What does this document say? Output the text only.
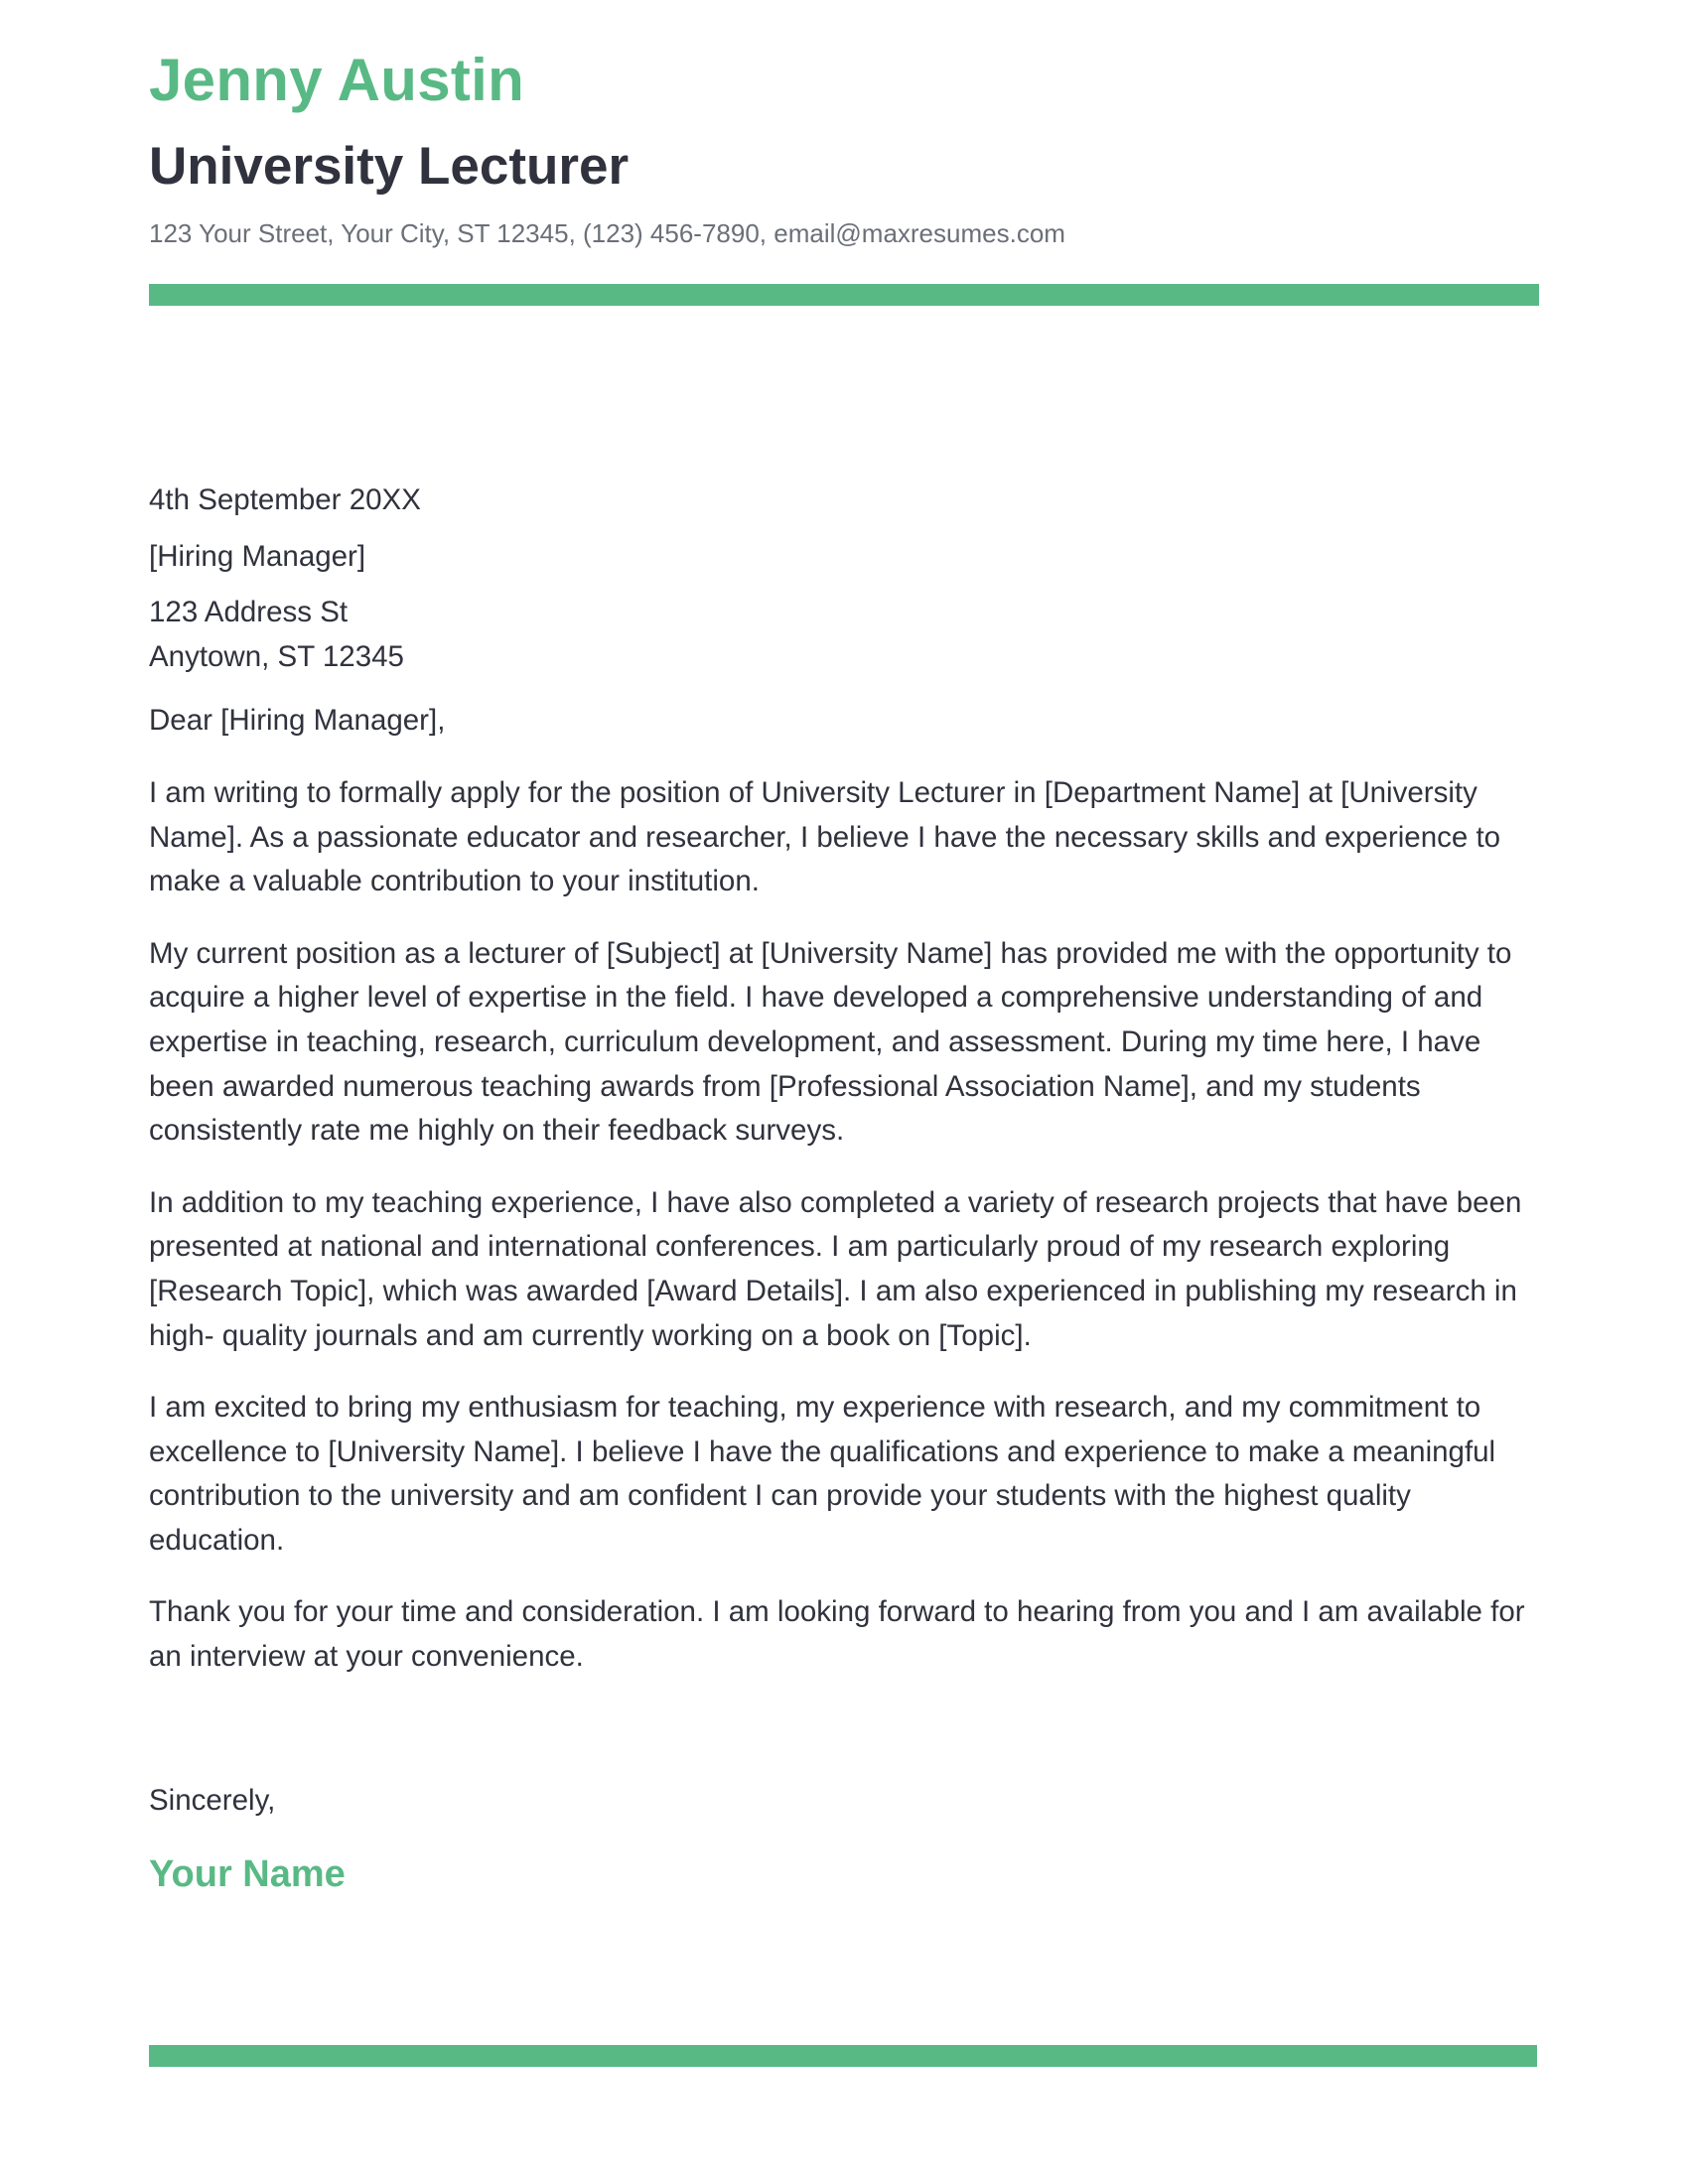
Jenny Austin
University Lecturer
123 Your Street, Your City, ST 12345, (123) 456-7890, email@maxresumes.com

4th September 20XX

[Hiring Manager]

123 Address St

Anytown, ST 12345

Dear [Hiring Manager],

I am writing to formally apply for the position of University Lecturer in [Department Name] at [University Name]. As a passionate educator and researcher, I believe I have the necessary skills and experience to make a valuable contribution to your institution.

My current position as a lecturer of [Subject] at [University Name] has provided me with the opportunity to acquire a higher level of expertise in the field. I have developed a comprehensive understanding of and expertise in teaching, research, curriculum development, and assessment. During my time here, I have been awarded numerous teaching awards from [Professional Association Name], and my students consistently rate me highly on their feedback surveys.

In addition to my teaching experience, I have also completed a variety of research projects that have been presented at national and international conferences. I am particularly proud of my research exploring [Research Topic], which was awarded [Award Details]. I am also experienced in publishing my research in high- quality journals and am currently working on a book on [Topic].

I am excited to bring my enthusiasm for teaching, my experience with research, and my commitment to excellence to [University Name]. I believe I have the qualifications and experience to make a meaningful contribution to the university and am confident I can provide your students with the highest quality education.

Thank you for your time and consideration. I am looking forward to hearing from you and I am available for an interview at your convenience.

Sincerely,

Your Name
